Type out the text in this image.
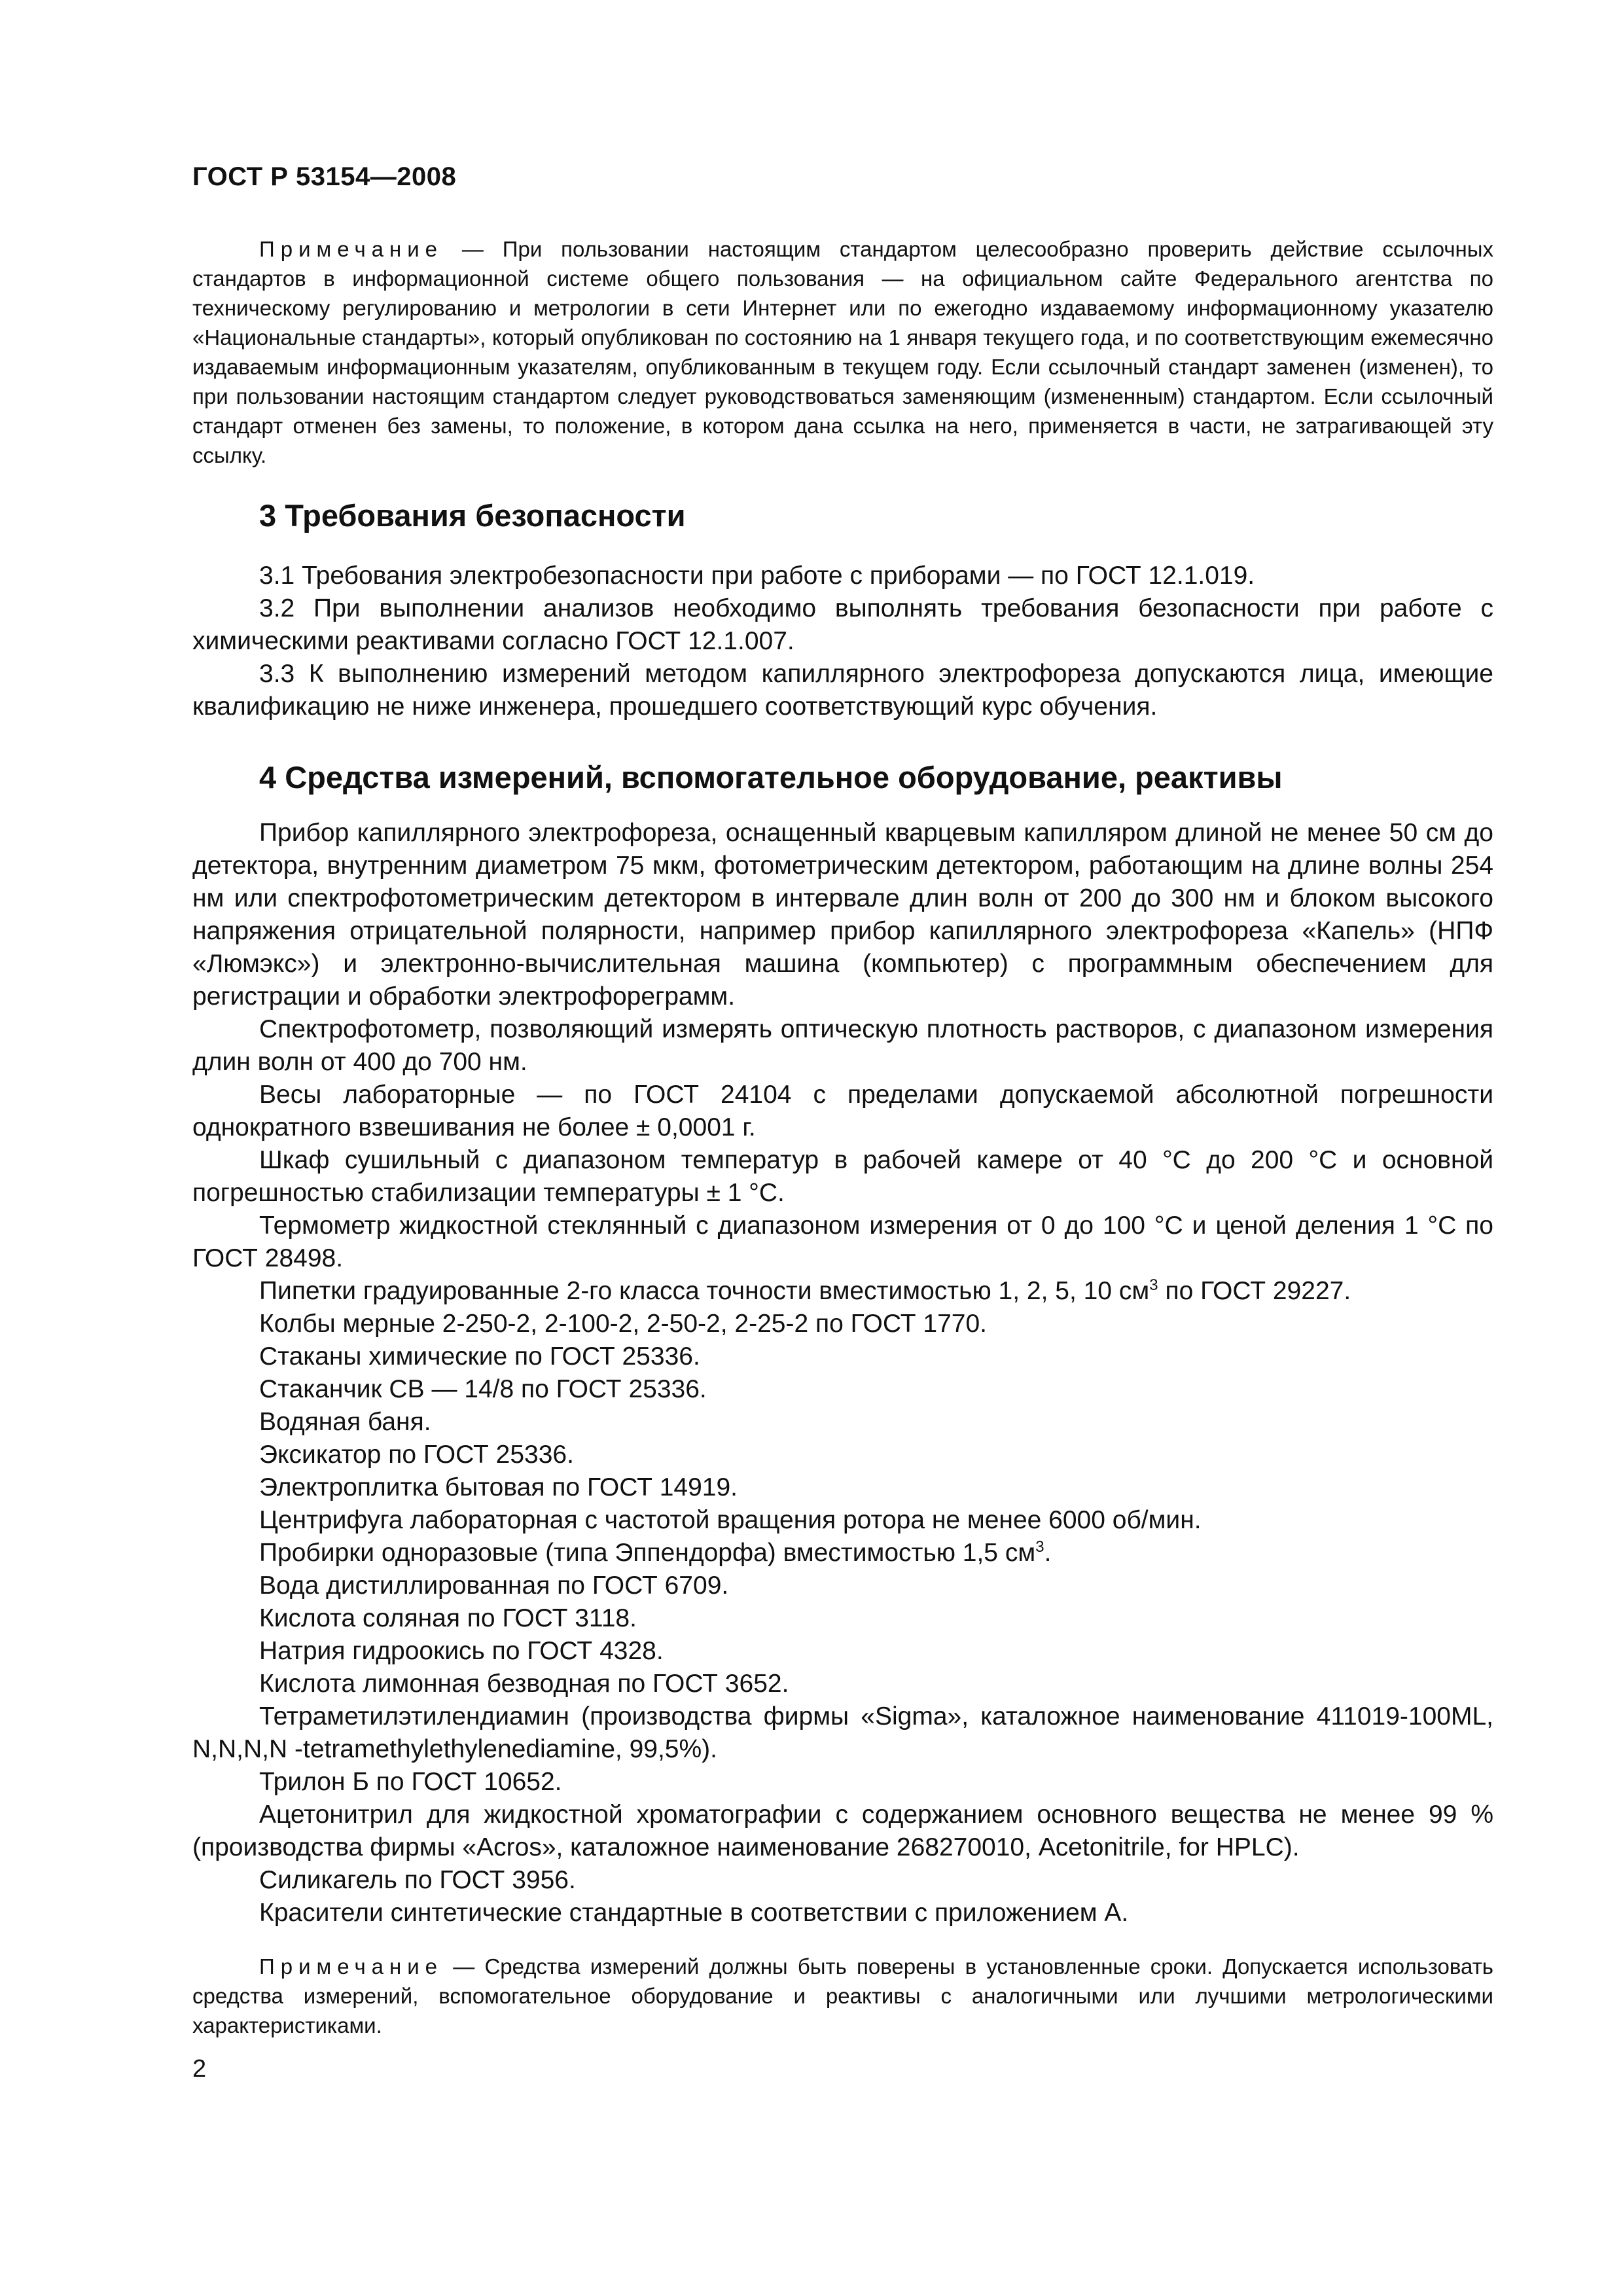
ГОСТ Р 53154—2008

Примечание — При пользовании настоящим стандартом целесообразно проверить действие ссылочных стандартов в информационной системе общего пользования — на официальном сайте Федерального агентства по техническому регулированию и метрологии в сети Интернет или по ежегодно издаваемому информационному указателю «Национальные стандарты», который опубликован по состоянию на 1 января текущего года, и по соответствующим ежемесячно издаваемым информационным указателям, опубликованным в текущем году. Если ссылочный стандарт заменен (изменен), то при пользовании настоящим стандартом следует руководствоваться заменяющим (измененным) стандартом. Если ссылочный стандарт отменен без замены, то положение, в котором дана ссылка на него, применяется в части, не затрагивающей эту ссылку.

3 Требования безопасности

3.1 Требования электробезопасности при работе с приборами — по ГОСТ 12.1.019.

3.2 При выполнении анализов необходимо выполнять требования безопасности при работе с химическими реактивами согласно ГОСТ 12.1.007.

3.3 К выполнению измерений методом капиллярного электрофореза допускаются лица, имеющие квалификацию не ниже инженера, прошедшего соответствующий курс обучения.

4 Средства измерений, вспомогательное оборудование, реактивы

Прибор капиллярного электрофореза, оснащенный кварцевым капилляром длиной не менее 50 см до детектора, внутренним диаметром 75 мкм, фотометрическим детектором, работающим на длине волны 254 нм или спектрофотометрическим детектором в интервале длин волн от 200 до 300 нм и блоком высокого напряжения отрицательной полярности, например прибор капиллярного электрофореза «Капель» (НПФ «Люмэкс») и электронно-вычислительная машина (компьютер) с программным обеспечением для регистрации и обработки электрофореграмм.

Спектрофотометр, позволяющий измерять оптическую плотность растворов, с диапазоном измерения длин волн от 400 до 700 нм.

Весы лабораторные — по ГОСТ 24104 с пределами допускаемой абсолютной погрешности однократного взвешивания не более ± 0,0001 г.

Шкаф сушильный с диапазоном температур в рабочей камере от 40 °С до 200 °С и основной погрешностью стабилизации температуры ± 1 °С.

Термометр жидкостной стеклянный с диапазоном измерения от 0 до 100 °С и ценой деления 1 °С по ГОСТ 28498.

Пипетки градуированные 2-го класса точности вместимостью 1, 2, 5, 10 $см^3$ по ГОСТ 29227.

Колбы мерные 2-250-2, 2-100-2, 2-50-2, 2-25-2 по ГОСТ 1770.

Стаканы химические по ГОСТ 25336.

Стаканчик СВ — 14/8 по ГОСТ 25336.

Водяная баня.

Эксикатор по ГОСТ 25336.

Электроплитка бытовая по ГОСТ 14919.

Центрифуга лабораторная с частотой вращения ротора не менее 6000 об/мин.

Пробирки одноразовые (типа Эппендорфа) вместимостью 1,5 $см^3$.

Вода дистиллированная по ГОСТ 6709.

Кислота соляная по ГОСТ 3118.

Натрия гидроокись по ГОСТ 4328.

Кислота лимонная безводная по ГОСТ 3652.

Тетраметилэтилендиамин (производства фирмы «Sigma», каталожное наименование 411019-100ML, N,N,N,N -tetramethylethylenediamine, 99,5%).

Трилон Б по ГОСТ 10652.

Ацетонитрил для жидкостной хроматографии с содержанием основного вещества не менее 99 % (производства фирмы «Acros», каталожное наименование 268270010, Acetonitrile, for HPLC).

Силикагель по ГОСТ 3956.

Красители синтетические стандартные в соответствии с приложением А.

Примечание — Средства измерений должны быть поверены в установленные сроки. Допускается использовать средства измерений, вспомогательное оборудование и реактивы с аналогичными или лучшими метрологическими характеристиками.

2
